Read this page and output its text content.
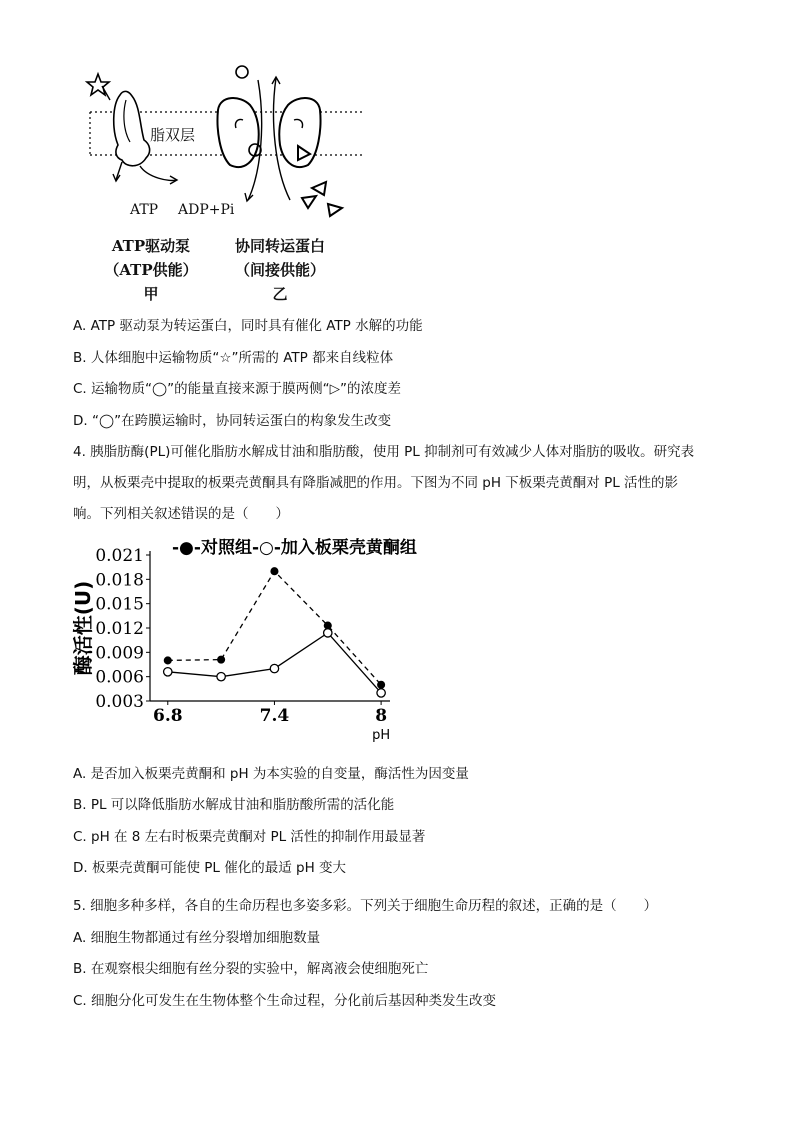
脂双层
ATP ADP+Pi
ATP驱动泵
（ATP供能）
甲
协同转运蛋白
（间接供能）
乙
A. ATP 驱动泵为转运蛋白，同时具有催化 ATP 水解的功能
B. 人体细胞中运输物质“☆”所需的 ATP 都来自线粒体
C. 运输物质“◯”的能量直接来源于膜两侧“▷”的浓度差
D. “◯”在跨膜运输时，协同转运蛋白的构象发生改变
4. 胰脂肪酶(PL)可催化脂肪水解成甘油和脂肪酸，使用 PL 抑制剂可有效减少人体对脂肪的吸收。研究表
明，从板栗壳中提取的板栗壳黄酮具有降脂减肥的作用。下图为不同 pH 下板栗壳黄酮对 PL 活性的影
响。下列相关叙述错误的是（　　）
0.021
0.018
0.015
0.012
0.009
0.006
0.003
6.8	7.4	8
pH
酶活性(U)
-●-对照组-○-加入板栗壳黄酮组
A. 是否加入板栗壳黄酮和 pH 为本实验的自变量，酶活性为因变量
B. PL 可以降低脂肪水解成甘油和脂肪酸所需的活化能
C. pH 在 8 左右时板栗壳黄酮对 PL 活性的抑制作用最显著
D. 板栗壳黄酮可能使 PL 催化的最适 pH 变大
5. 细胞多种多样，各自的生命历程也多姿多彩。下列关于细胞生命历程的叙述，正确的是（　　）
A. 细胞生物都通过有丝分裂增加细胞数量
B. 在观察根尖细胞有丝分裂的实验中，解离液会使细胞死亡
C. 细胞分化可发生在生物体整个生命过程，分化前后基因种类发生改变
